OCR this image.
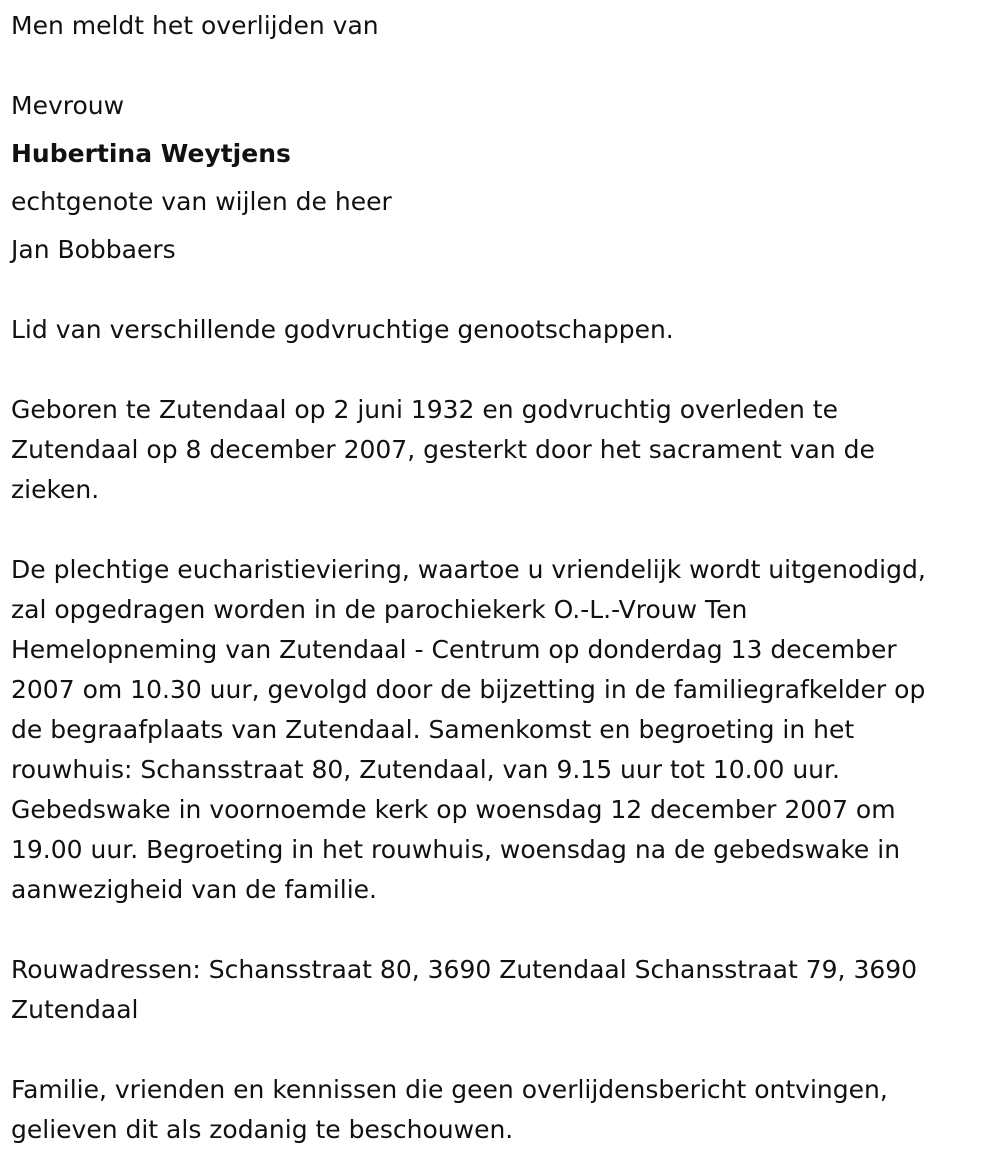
Men meldt het overlijden van
Mevrouw
Hubertina Weytjens
echtgenote van wijlen de heer
Jan Bobbaers
Lid van verschillende godvruchtige genootschappen.
Geboren te Zutendaal op 2 juni 1932 en godvruchtig overleden te
Zutendaal op 8 december 2007, gesterkt door het sacrament van de
zieken.
De plechtige eucharistieviering, waartoe u vriendelijk wordt uitgenodigd,
zal opgedragen worden in de parochiekerk O.-L.-Vrouw Ten
Hemelopneming van Zutendaal - Centrum op donderdag 13 december
2007 om 10.30 uur, gevolgd door de bijzetting in de familiegrafkelder op
de begraafplaats van Zutendaal. Samenkomst en begroeting in het
rouwhuis: Schansstraat 80, Zutendaal, van 9.15 uur tot 10.00 uur.
Gebedswake in voornoemde kerk op woensdag 12 december 2007 om
19.00 uur. Begroeting in het rouwhuis, woensdag na de gebedswake in
aanwezigheid van de familie.
Rouwadressen: Schansstraat 80, 3690 Zutendaal Schansstraat 79, 3690
Zutendaal
Familie, vrienden en kennissen die geen overlijdensbericht ontvingen,
gelieven dit als zodanig te beschouwen.
